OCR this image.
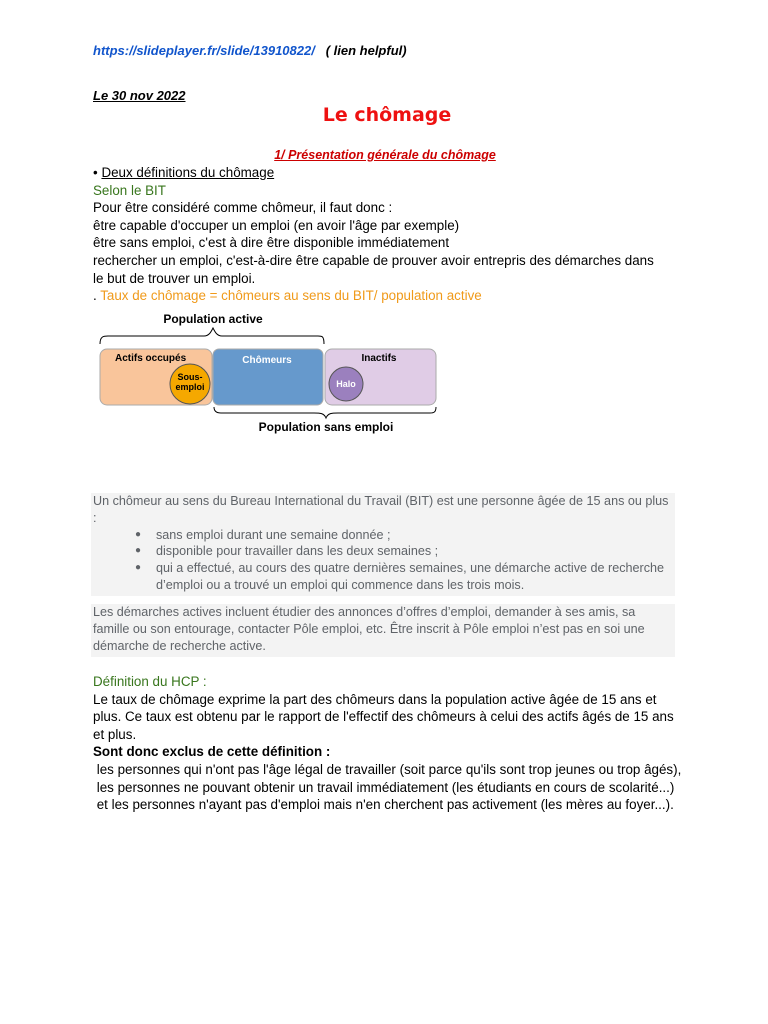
https://slideplayer.fr/slide/13910822/ ( lien helpful)
Le 30 nov 2022
Le chômage
1/ Présentation générale du chômage
• Deux définitions du chômage
Selon le BIT
Pour être considéré comme chômeur, il faut donc :
être capable d'occuper un emploi (en avoir l'âge par exemple)
être sans emploi, c'est à dire être disponible immédiatement
rechercher un emploi, c'est-à-dire être capable de prouver avoir entrepris des démarches dans le but de trouver un emploi.
. Taux de chômage = chômeurs au sens du BIT/ population active
Population active
Actifs occupés
Sous-
emploi
Chômeurs	Inactifs
Halo
Population sans emploi
Un chômeur au sens du Bureau International du Travail (BIT) est une personne âgée de 15 ans ou plus :
● sans emploi durant une semaine donnée ;
● disponible pour travailler dans les deux semaines ;
● qui a effectué, au cours des quatre dernières semaines, une démarche active de recherche d’emploi ou a trouvé un emploi qui commence dans les trois mois.
Les démarches actives incluent étudier des annonces d’offres d’emploi, demander à ses amis, sa famille ou son entourage, contacter Pôle emploi, etc. Être inscrit à Pôle emploi n’est pas en soi une démarche de recherche active.
Définition du HCP :
Le taux de chômage exprime la part des chômeurs dans la population active âgée de 15 ans et plus. Ce taux est obtenu par le rapport de l'effectif des chômeurs à celui des actifs âgés de 15 ans et plus.
Sont donc exclus de cette définition :
les personnes qui n'ont pas l'âge légal de travailler (soit parce qu'ils sont trop jeunes ou trop âgés),
les personnes ne pouvant obtenir un travail immédiatement (les étudiants en cours de scolarité...)
et les personnes n'ayant pas d'emploi mais n'en cherchent pas activement (les mères au foyer...).
